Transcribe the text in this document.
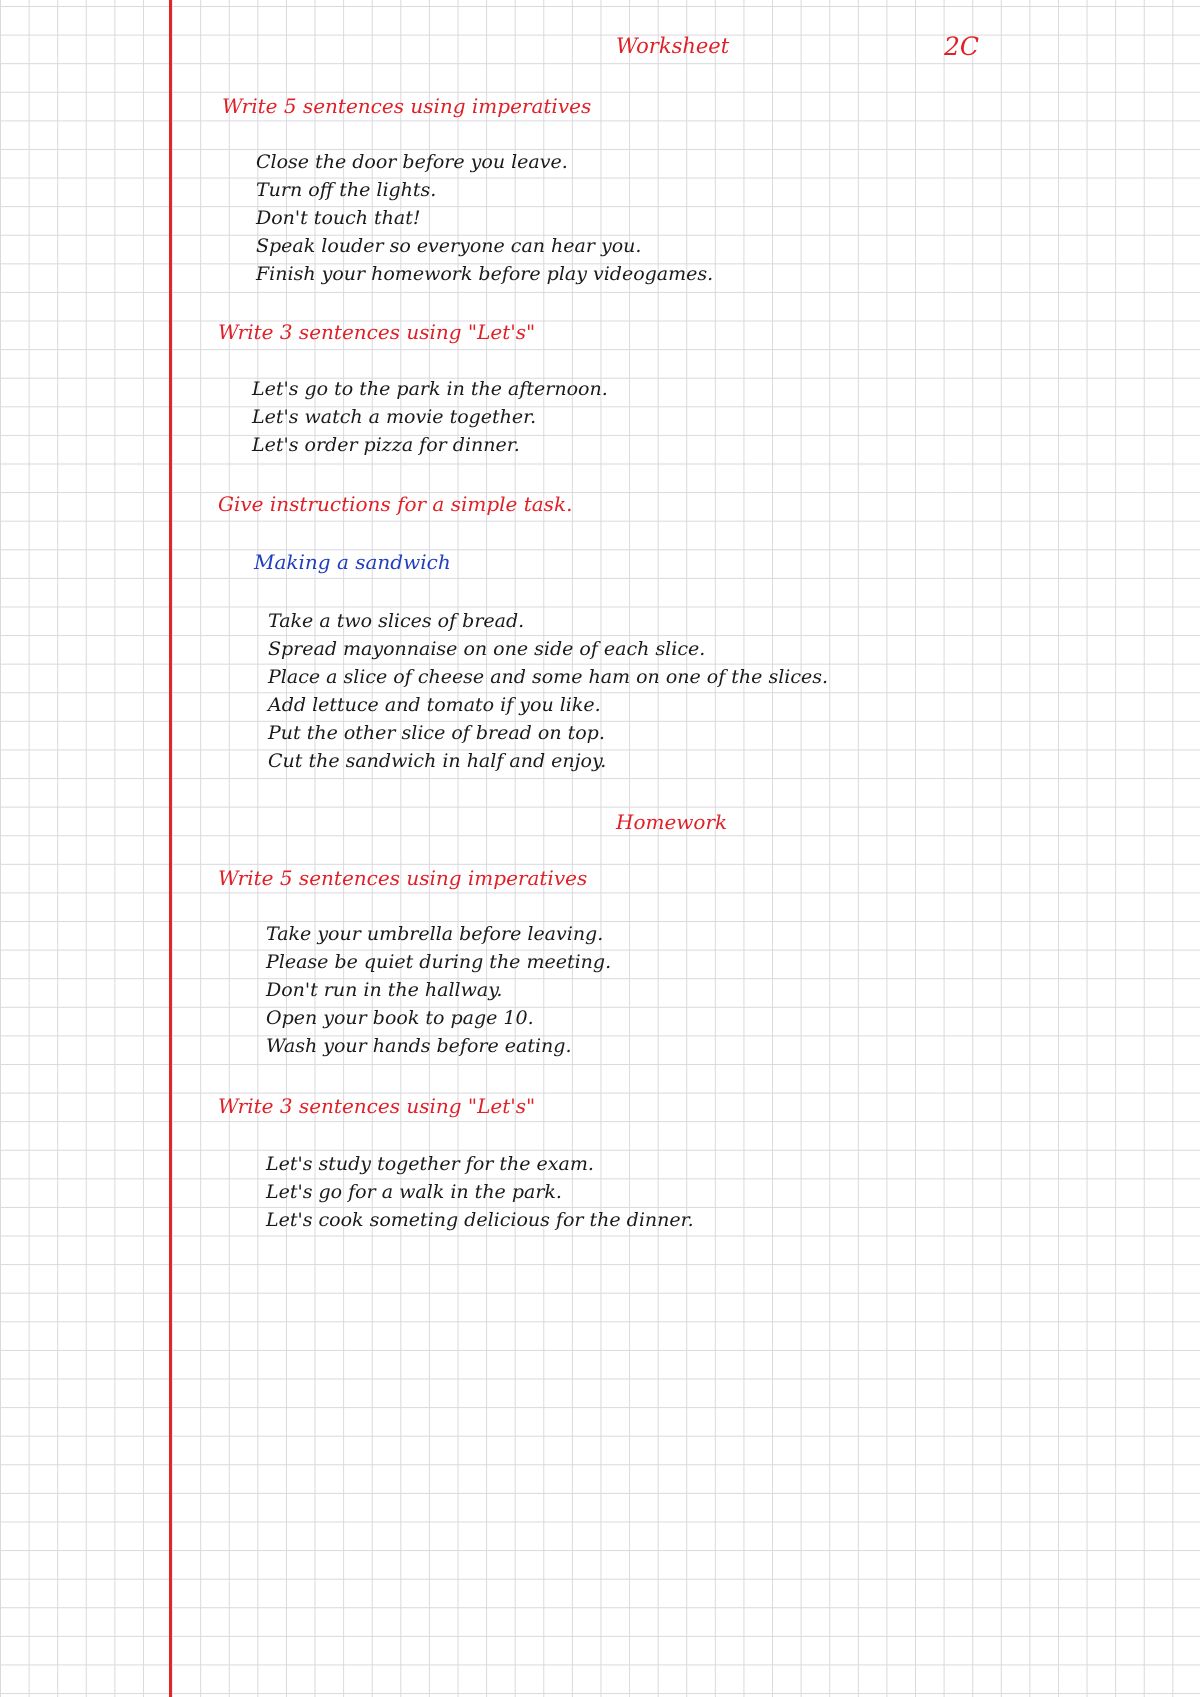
Worksheet	2C
Write 5 sentences using imperatives
Close the door before you leave.
Turn off the lights.
Don't touch that!
Speak louder so everyone can hear you.
Finish your homework before play videogames.
Write 3 sentences using "Let's"
Let's go to the park in the afternoon.
Let's watch a movie together.
Let's order pizza for dinner.
Give instructions for a simple task.
Making a sandwich
Take a two slices of bread.
Spread mayonnaise on one side of each slice.
Place a slice of cheese and some ham on one of the slices.
Add lettuce and tomato if you like.
Put the other slice of bread on top.
Cut the sandwich in half and enjoy.
Homework
Write 5 sentences using imperatives
Take your umbrella before leaving.
Please be quiet during the meeting.
Don't run in the hallway.
Open your book to page 10.
Wash your hands before eating.
Write 3 sentences using "Let's"
Let's study together for the exam.
Let's go for a walk in the park.
Let's cook someting delicious for the dinner.
